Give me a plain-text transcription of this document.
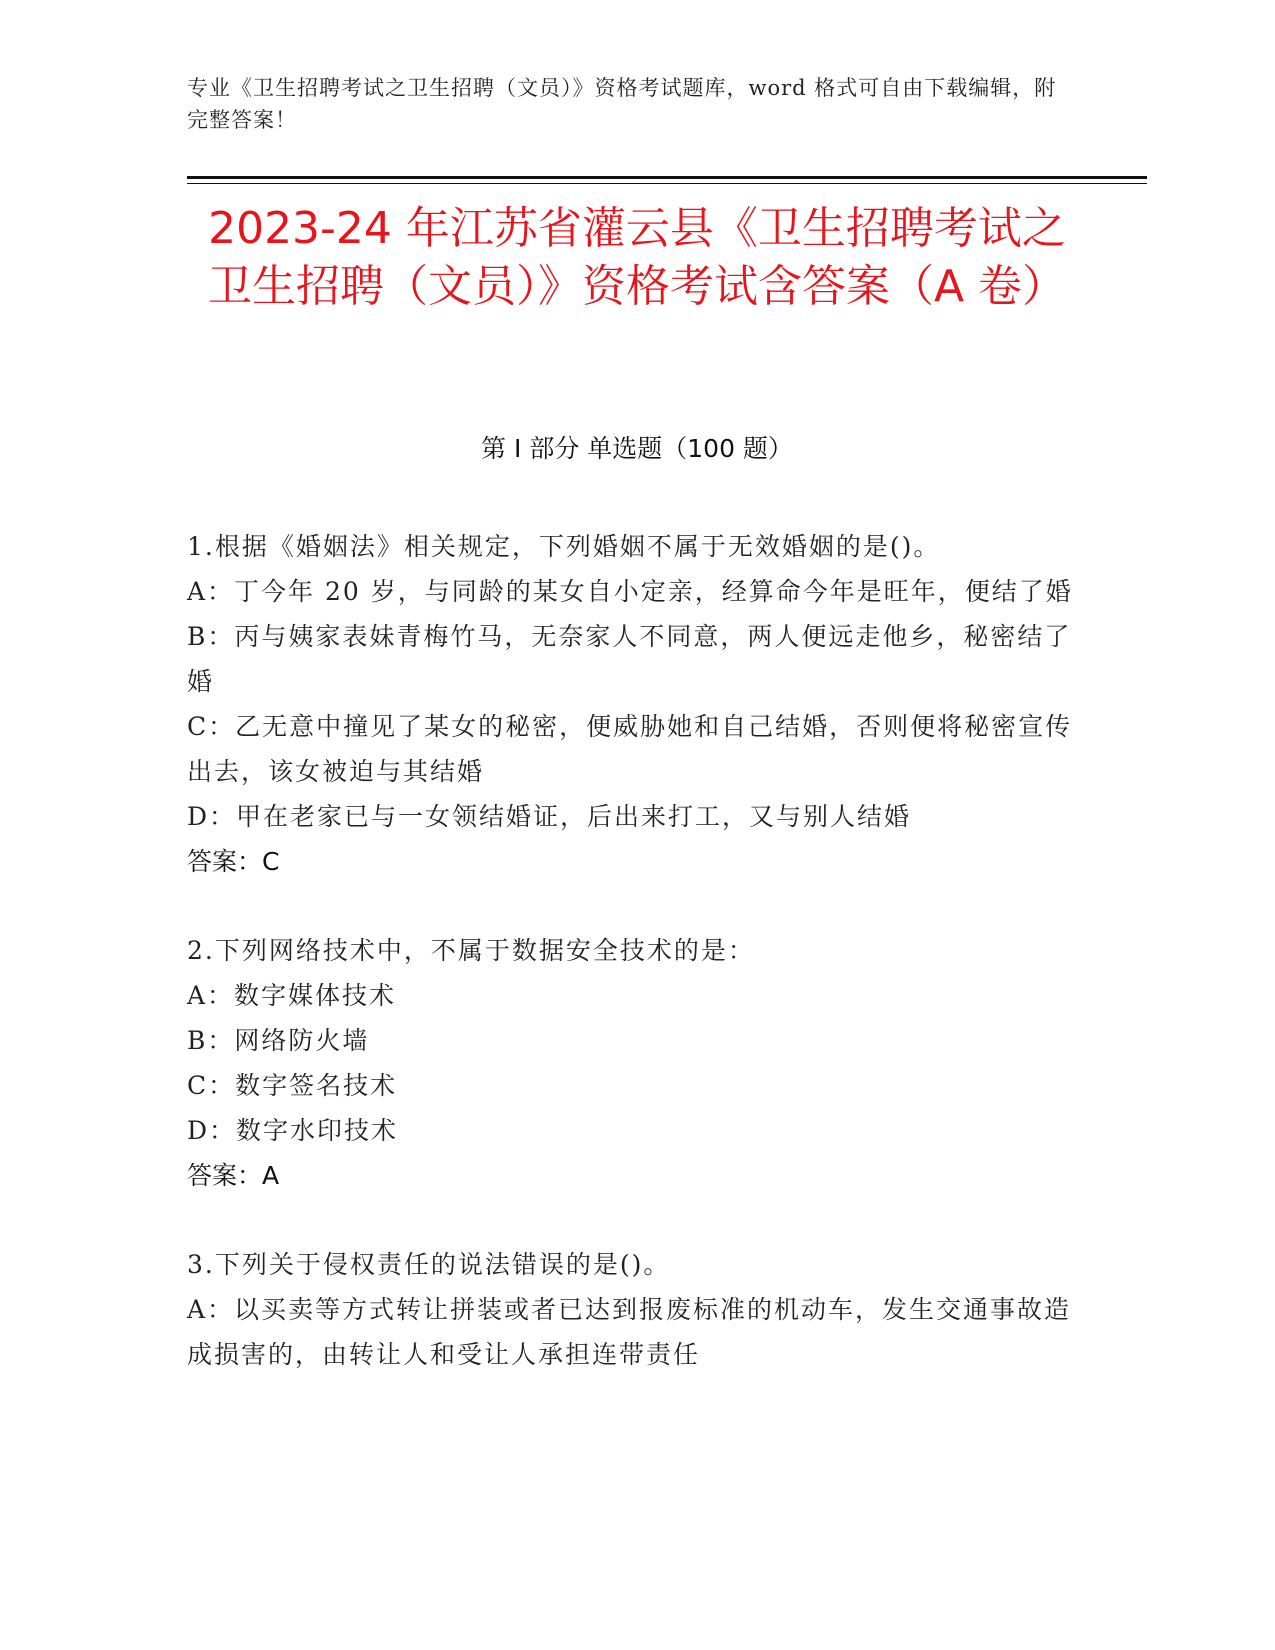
专业《卫生招聘考试之卫生招聘（文员）》资格考试题库，word 格式可自由下载编辑，附完整答案！
2023-24 年江苏省灌云县《卫生招聘考试之卫生招聘（文员）》资格考试含答案（A 卷）
第 I 部分 单选题（100 题）

1.根据《婚姻法》相关规定，下列婚姻不属于无效婚姻的是()。

A：丁今年 20 岁，与同龄的某女自小定亲，经算命今年是旺年，便结了婚

B：丙与姨家表妹青梅竹马，无奈家人不同意，两人便远走他乡，秘密结了婚

C：乙无意中撞见了某女的秘密，便威胁她和自己结婚，否则便将秘密宣传出去，该女被迫与其结婚

D：甲在老家已与一女领结婚证，后出来打工，又与别人结婚

答案：C

2.下列网络技术中，不属于数据安全技术的是：

A：数字媒体技术

B：网络防火墙

C：数字签名技术

D：数字水印技术

答案：A

3.下列关于侵权责任的说法错误的是()。

A：以买卖等方式转让拼装或者已达到报废标准的机动车，发生交通事故造成损害的，由转让人和受让人承担连带责任
